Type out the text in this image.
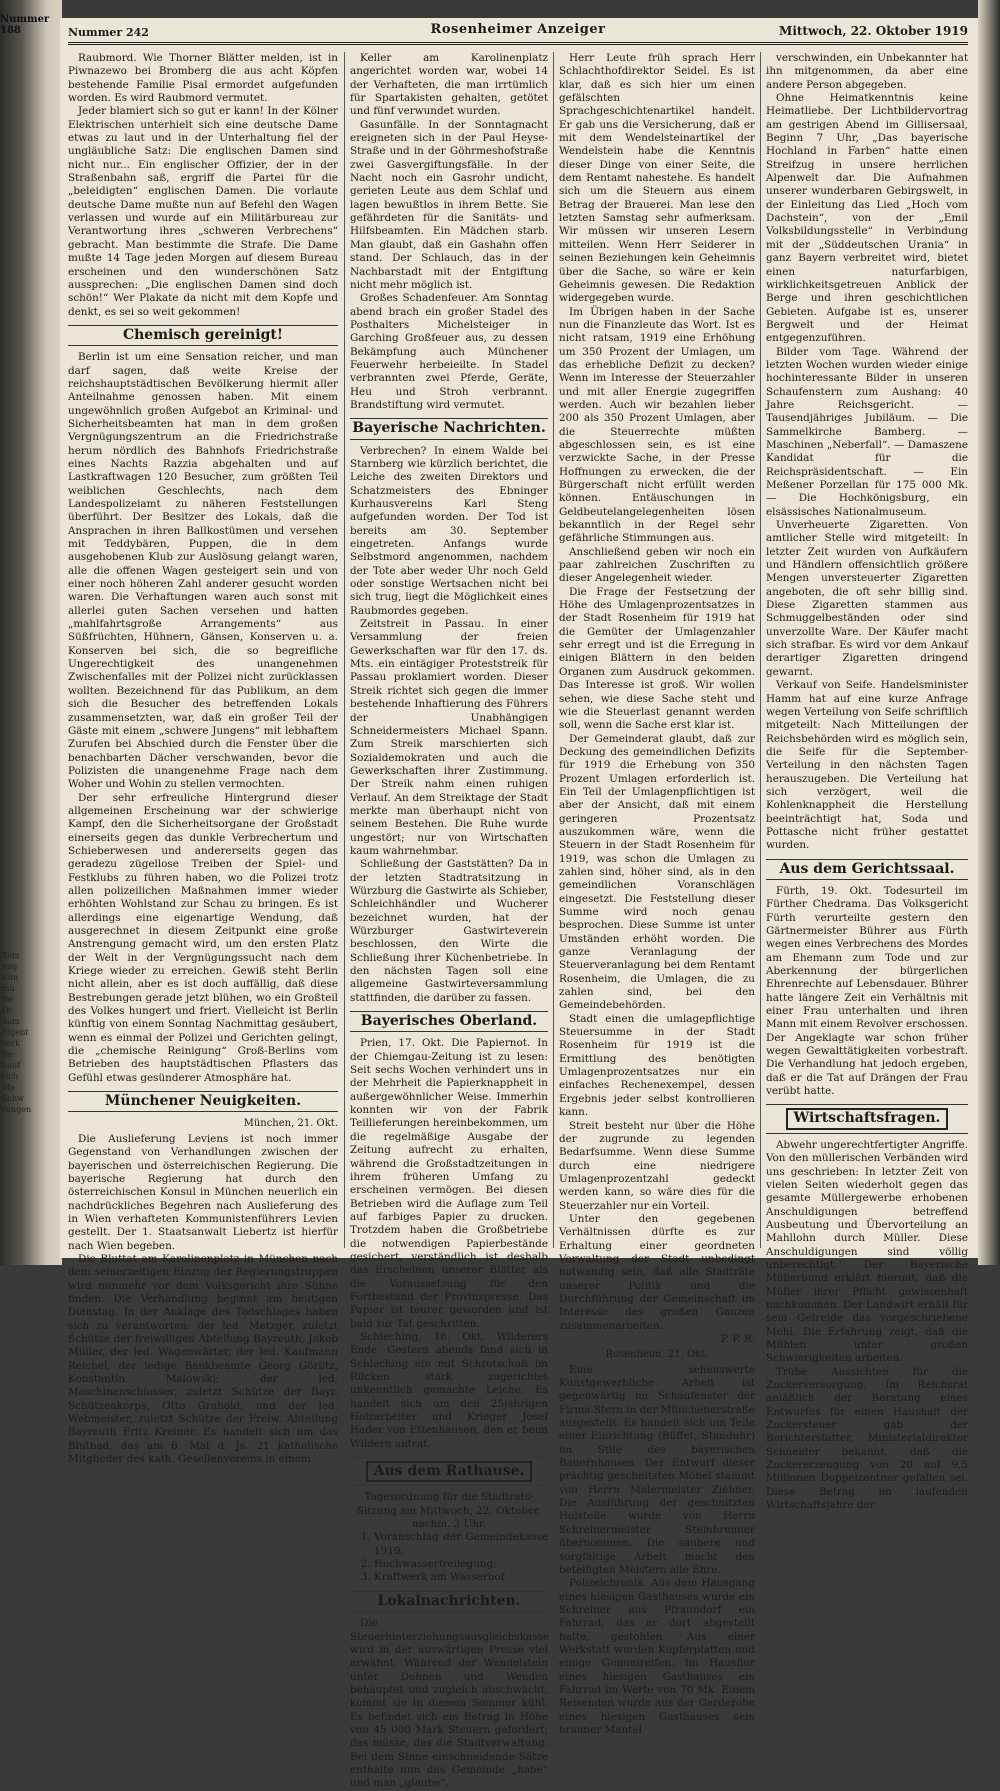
Nummer 188
Sam
mig
Kün
mü
Be
Dr
Sam
Eigent
verk
Re
Lauf
rich
Ma
Schw
rungen
Nummer 242	Rosenheimer Anzeiger	Mittwoch, 22. Oktober 1919

Raubmord. Wie Thorner Blätter melden, ist in Piwnazewo bei Bromberg die aus acht Köpfen bestehende Familie Pisal ermordet aufgefunden worden. Es wird Raubmord vermutet.

Jeder blamiert sich so gut er kann! In der Kölner Elektrischen unterhielt sich eine deutsche Dame etwas zu laut und in der Unterhaltung fiel der ungläubliche Satz: Die englischen Damen sind nicht nur... Ein englischer Offizier, der in der Straßenbahn saß, ergriff die Partei für die „beleidigten“ englischen Damen. Die vorlaute deutsche Dame mußte nun auf Befehl den Wagen verlassen und wurde auf ein Militärbureau zur Verantwortung ihres „schweren Verbrechens“ gebracht. Man bestimmte die Strafe. Die Dame mußte 14 Tage jeden Morgen auf diesem Bureau erscheinen und den wunderschönen Satz aussprechen: „Die englischen Damen sind doch schön!“ Wer Plakate da nicht mit dem Kopfe und denkt, es sei so weit gekommen!

Chemisch gereinigt!

Berlin ist um eine Sensation reicher, und man darf sagen, daß weite Kreise der reichshauptstädtischen Bevölkerung hiermit aller Anteilnahme genossen haben. Mit einem ungewöhnlich großen Aufgebot an Kriminal- und Sicherheitsbeamten hat man in dem großen Vergnügungszentrum an die Friedrichstraße herum nördlich des Bahnhofs Friedrichstraße eines Nachts Razzia abgehalten und auf Lastkraftwagen 120 Besucher, zum größten Teil weiblichen Geschlechts, nach dem Landespolizeiamt zu näheren Feststellungen überführt. Der Besitzer des Lokals, daß die Ansprachen in ihren Ballkostümen und versehen mit Teddybären, Puppen, die in dem ausgehobenen Klub zur Auslösung gelangt waren, alle die offenen Wagen gesteigert sein und von einer noch höheren Zahl anderer gesucht worden waren. Die Verhaftungen waren auch sonst mit allerlei guten Sachen versehen und hatten „mahlfahrtsgroße Arrangements“ aus Süßfrüchten, Hühnern, Gänsen, Konserven u. a. Konserven bei sich, die so begreifliche Ungerechtigkeit des unangenehmen Zwischenfalles mit der Polizei nicht zurücklassen wollten. Bezeichnend für das Publikum, an dem sich die Besucher des betreffenden Lokals zusammensetzten, war, daß ein großer Teil der Gäste mit einem „schwere Jungens“ mit lebhaftem Zurufen bei Abschied durch die Fenster über die benachbarten Dächer verschwanden, bevor die Polizisten die unangenehme Frage nach dem Woher und Wohin zu stellen vermochten.

Der sehr erfreuliche Hintergrund dieser allgemeinen Erscheinung war der schwierige Kampf, den die Sicherheitsorgane der Großstadt einerseits gegen das dunkle Verbrechertum und Schieberwesen und andererseits gegen das geradezu zügellose Treiben der Spiel- und Festklubs zu führen haben, wo die Polizei trotz allen polizeilichen Maßnahmen immer wieder erhöhten Wohlstand zur Schau zu bringen. Es ist allerdings eine eigenartige Wendung, daß ausgerechnet in diesem Zeitpunkt eine große Anstrengung gemacht wird, um den ersten Platz der Welt in der Vergnügungssucht nach dem Kriege wieder zu erreichen. Gewiß steht Berlin nicht allein, aber es ist doch auffällig, daß diese Bestrebungen gerade jetzt blühen, wo ein Großteil des Volkes hungert und friert. Vielleicht ist Berlin künftig von einem Sonntag Nachmittag gesäubert, wenn es einmal der Polizei und Gerichten gelingt, die „chemische Reinigung“ Groß-Berlins vom Betrieben des hauptstädtischen Pflasters das Gefühl etwas gesünderer Atmosphäre hat.

Münchener Neuigkeiten.
München, 21. Okt.

Die Auslieferung Leviens ist noch immer Gegenstand von Verhandlungen zwischen der bayerischen und österreichischen Regierung. Die bayerische Regierung hat durch den österreichischen Konsul in München neuerlich ein nachdrückliches Begehren nach Auslieferung des in Wien verhafteten Kommunistenführers Levien gestellt. Der 1. Staatsanwalt Liebertz ist hierfür nach Wien begeben.

Die Bluttat am Karolinenplatz in München nach dem seinerzeitigen Einzug der Regierungstruppen wird nunmehr vor dem Volksgericht ihre Sühne finden. Die Verhandlung beginnt am heutigen Dienstag. In der Anklage des Todschlages haben sich zu verantworten: der led. Metzger, zuletzt Schütze der freiwilligen Abteilung Bayreuth, Jakob Müller, der led. Wagenwärter, der led. Kaufmann Reichel, der ledige Bankbeamte Georg Görlitz, Konstantin Malowski; der led. Maschinenschlosser, zuletzt Schütze der Bayr. Schützenkorps, Otto Grahold, und der led. Webmeister, zuletzt Schütze der Freiw. Abteilung Bayreuth Fritz Kreiner. Es handelt sich um das Blutbad, das am 6. Mai d. Js. 21 katholische Mitglieder des kath. Gesellenvereins in einem

Keller am Karolinenplatz angerichtet worden war, wobei 14 der Verhafteten, die man irrtümlich für Spartakisten gehalten, getötet und fünf verwundet wurden.

Gasunfälle. In der Sonntagnacht ereigneten sich in der Paul Heyse-Straße und in der Göhrmeshofstraße zwei Gasvergiftungsfälle. In der Nacht noch ein Gasrohr undicht, gerieten Leute aus dem Schlaf und lagen bewußtlos in ihrem Bette. Sie gefährdeten für die Sanitäts- und Hilfsbeamten. Ein Mädchen starb. Man glaubt, daß ein Gashahn offen stand. Der Schlauch, das in der Nachbarstadt mit der Entgiftung nicht mehr möglich ist.

Großes Schadenfeuer. Am Sonntag abend brach ein großer Stadel des Posthalters Michelsteiger in Garching Großfeuer aus, zu dessen Bekämpfung auch Münchener Feuerwehr herbeieilte. In Stadel verbrannten zwei Pferde, Geräte, Heu und Stroh verbrannt. Brandstiftung wird vermutet.

Bayerische Nachrichten.

Verbrechen? In einem Walde bei Starnberg wie kürzlich berichtet, die Leiche des zweiten Direktors und Schatzmeisters des Ebninger Kurhausvereins Karl Steng aufgefunden worden. Der Tod ist bereits am 30. September eingetreten. Anfangs wurde Selbstmord angenommen, nachdem der Tote aber weder Uhr noch Geld oder sonstige Wertsachen nicht bei sich trug, liegt die Möglichkeit eines Raubmordes gegeben.

Zeitstreit in Passau. In einer Versammlung der freien Gewerkschaften war für den 17. ds. Mts. ein eintägiger Proteststreik für Passau proklamiert worden. Dieser Streik richtet sich gegen die immer bestehende Inhaftierung des Führers der Unabhängigen Schneidermeisters Michael Spann. Zum Streik marschierten sich Sozialdemokraten und auch die Gewerkschaften ihrer Zustimmung. Der Streik nahm einen ruhigen Verlauf. An dem Streiktage der Stadt merkte man überhaupt nicht von seinem Bestehen. Die Ruhe wurde ungestört; nur von Wirtschaften kaum wahrnehmbar.

Schließung der Gaststätten? Da in der letzten Stadtratsitzung in Würzburg die Gastwirte als Schieber, Schleichhändler und Wucherer bezeichnet wurden, hat der Würzburger Gastwirteverein beschlossen, den Wirte die Schließung ihrer Küchenbetriebe. In den nächsten Tagen soll eine allgemeine Gastwirteversammlung stattfinden, die darüber zu fassen.

Bayerisches Oberland.

Prien, 17. Okt. Die Papiernot. In der Chiemgau-Zeitung ist zu lesen: Seit sechs Wochen verhindert uns in der Mehrheit die Papierknappheit in außergewöhnlicher Weise. Immerhin konnten wir von der Fabrik Teillieferungen hereinbekommen, um die regelmäßige Ausgabe der Zeitung aufrecht zu erhalten, während die Großstadtzeitungen in ihrem früheren Umfang zu erscheinen vermögen. Bei diesen Betrieben wird die Auflage zum Teil auf farbiges Papier zu drucken. Trotzdem haben die Großbetriebe die notwendigen Papierbestände gesichert, verständlich ist deshalb das Erscheinen unserer Blätter als die Voraussetzung für den Fortbestand der Provinzpresse. Das Papier ist teurer geworden und ist bald zur Tat geschritten.

Schleching, 18. Okt. Wilderers Ende. Gestern abends fand sich in Schleching ein mit Schrotschuß im Rücken stark zugerichtet unkenntlich gemachte Leiche. Es handelt sich um den 25jährigen Holzarbeiter und Krieger Josef Hader von Ettenhausen, den er beim Wildern antraf.

Aus dem Rathause.

Tagesordnung für die Stadtrats-Sitzung am Mittwoch, 22. Oktober, nachm. 3 Uhr.

1. Voranschlag der Gemeindekasse 1919;
2. Hochwasserfreilegung;
3. Kraftwerk am Wasserhof.
Lokalnachrichten.

Die Steuerhinterziehungsausgleichskasse wird in der auswärtigen Presse viel erwähnt. Während der Wendelstein unter Dehnen und Wenden behauptet und zugleich abschwächt, kommt sie in diesem Sommer kühl. Es befindet sich ein Betrag in Höhe von 45 000 Mark Steuern gefordert; das müsse, das die Stadtverwaltung. Bei dem Sinne einschneidende Sätze enthalte nun das Gemeinde „habe“ und man „glaube“.

Herr Leute früh sprach Herr Schlachthofdirektor Seidel. Es ist klar, daß es sich hier um einen gefälschten Sprachgeschichtenartikel handelt. Er gab uns die Versicherung, daß er mit dem Wendelsteinartikel der Wendelstein habe die Kenntnis dieser Dinge von einer Seite, die dem Rentamt nahestehe. Es handelt sich um die Steuern aus einem Betrag der Brauerei. Man lese den letzten Samstag sehr aufmerksam. Wir müssen wir unseren Lesern mitteilen. Wenn Herr Seiderer in seinen Beziehungen kein Geheimnis über die Sache, so wäre er kein Geheimnis gewesen. Die Redaktion widergegeben wurde.

Im Übrigen haben in der Sache nun die Finanzleute das Wort. Ist es nicht ratsam, 1919 eine Erhöhung um 350 Prozent der Umlagen, um das erhebliche Defizit zu decken? Wenn im Interesse der Steuerzahler und mit aller Energie zugegriffen werden. Auch wir bezahlen lieber 200 als 350 Prozent Umlagen, aber die Steuerrechte müßten abgeschlossen sein, es ist eine verzwickte Sache, in der Presse Hoffnungen zu erwecken, die der Bürgerschaft nicht erfüllt werden können. Entäuschungen in Geldbeutelangelegenheiten lösen bekanntlich in der Regel sehr gefährliche Stimmungen aus.

Anschließend geben wir noch ein paar zahlreichen Zuschriften zu dieser Angelegenheit wieder.

Die Frage der Festsetzung der Höhe des Umlagenprozentsatzes in der Stadt Rosenheim für 1919 hat die Gemüter der Umlagenzahler sehr erregt und ist die Erregung in einigen Blättern in den beiden Organen zum Ausdruck gekommen. Das Interesse ist groß. Wir wollen sehen, wie diese Sache steht und wie die Steuerlast genannt werden soll, wenn die Sache erst klar ist.

Der Gemeinderat glaubt, daß zur Deckung des gemeindlichen Defizits für 1919 die Erhebung von 350 Prozent Umlagen erforderlich ist. Ein Teil der Umlagenpflichtigen ist aber der Ansicht, daß mit einem geringeren Prozentsatz auszukommen wäre, wenn die Steuern in der Stadt Rosenheim für 1919, was schon die Umlagen zu zahlen sind, höher sind, als in den gemeindlichen Voranschlägen eingesetzt. Die Feststellung dieser Summe wird noch genau besprochen. Diese Summe ist unter Umständen erhöht worden. Die ganze Veranlagung der Steuerveranlagung bei dem Rentamt Rosenheim, die Umlagen, die zu zahlen sind, bei den Gemeindebehörden.

Stadt einen die umlagepflichtige Steuersumme in der Stadt Rosenheim für 1919 ist die Ermittlung des benötigten Umlagenprozentsatzes nur ein einfaches Rechenexempel, dessen Ergebnis jeder selbst kontrollieren kann.

Streit besteht nur über die Höhe der zugrunde zu legenden Bedarfsumme. Wenn diese Summe durch eine niedrigere Umlagenprozentzahl gedeckt werden kann, so wäre dies für die Steuerzahler nur ein Vorteil.

Unter den gegebenen Verhältnissen dürfte es zur Erhaltung einer geordneten Verwaltung der Stadt unbedingt notwendig sein, daß alle Stadträte unserer Politik und die Durchführung der Gemeinschaft im Interesse des großen Ganzen zusammenarbeiten.

P. P. R.

Rosenheim, 21. Okt.

Eine sehenswerte Kunstgewerbliche Arbeit ist gegenwärtig im Schaufenster der Firma Stern in der Münchenerstraße ausgestellt. Es handelt sich um Teile einer Einrichtung (Büffet, Standuhr) im Stile des bayerischen Bauernhauses. Der Entwurf dieser prächtig geschnitzten Möbel stammt von Herrn Malermeister Ziehner. Die Ausführung der geschnitzten Holzteile wurde von Herrn Schreinermeister Steinbrenner übernommen. Die saubere und sorgfältige Arbeit macht den beteiligten Meistern alle Ehre.

Polizeichronik. Aus dem Hausgang eines hiesigen Gasthauses wurde ein Schreiner aus Pfraundorf ein Fahrrad, das er dort abgestellt hatte, gestohlen. Aus einer Werkstatt wurden Kupferplatten und einige Gummireifen. Im Hausflur eines hiesigen Gasthauses ein Fahrrad im Werte von 70 Mk. Einem Reisenden wurde aus der Garderobe eines hiesigen Gasthauses sein brauner Mantel

verschwinden, ein Unbekannter hat ihn mitgenommen, da aber eine andere Person abgegeben.

Ohne Heimatkenntnis keine Heimatliebe. Der Lichtbildervortrag am gestrigen Abend im Gillisersaal, Beginn 7 Uhr, „Das bayerische Hochland in Farben“ hatte einen Streifzug in unsere herrlichen Alpenwelt dar. Die Aufnahmen unserer wunderbaren Gebirgswelt, in der Einleitung das Lied „Hoch vom Dachstein“, von der „Emil Volksbildungsstelle“ in Verbindung mit der „Süddeutschen Urania“ in ganz Bayern verbreitet wird, bietet einen naturfarbigen, wirklichkeitsgetreuen Anblick der Berge und ihren geschichtlichen Gebieten. Aufgabe ist es, unserer Bergwelt und der Heimat entgegenzuführen.

Bilder vom Tage. Während der letzten Wochen wurden wieder einige hochinteressante Bilder in unseren Schaufenstern zum Aushang: 40 Jahre Reichsgericht. — Tausendjähriges Jubiläum. — Die Sammelkirche Bamberg. — Maschinen „Neberfall“. — Damaszene Kandidat für die Reichspräsidentschaft. — Ein Meßener Porzellan für 175 000 Mk. — Die Hochkönigsburg, ein elsässisches Nationalmuseum.

Unverheuerte Zigaretten. Von amtlicher Stelle wird mitgeteilt: In letzter Zeit wurden von Aufkäufern und Händlern offensichtlich größere Mengen unversteuerter Zigaretten angeboten, die oft sehr billig sind. Diese Zigaretten stammen aus Schmuggelbeständen oder sind unverzollte Ware. Der Käufer macht sich strafbar. Es wird vor dem Ankauf derartiger Zigaretten dringend gewarnt.

Verkauf von Seife. Handelsminister Hamm hat auf eine kurze Anfrage wegen Verteilung von Seife schriftlich mitgeteilt: Nach Mitteilungen der Reichsbehörden wird es möglich sein, die Seife für die September-Verteilung in den nächsten Tagen herauszugeben. Die Verteilung hat sich verzögert, weil die Kohlenknappheit die Herstellung beeinträchtigt hat, Soda und Pottasche nicht früher gestattet wurden.

Aus dem Gerichtssaal.

Fürth, 19. Okt. Todesurteil im Fürther Chedrama. Das Volksgericht Fürth verurteilte gestern den Gärtnermeister Bührer aus Fürth wegen eines Verbrechens des Mordes am Ehemann zum Tode und zur Aberkennung der bürgerlichen Ehrenrechte auf Lebensdauer. Bührer hatte längere Zeit ein Verhältnis mit einer Frau unterhalten und ihren Mann mit einem Revolver erschossen. Der Angeklagte war schon früher wegen Gewalttätigkeiten vorbestraft. Die Verhandlung hat jedoch ergeben, daß er die Tat auf Drängen der Frau verübt hatte.

Wirtschaftsfragen.

Abwehr ungerechtfertigter Angriffe. Von den müllerischen Verbänden wird uns geschrieben: In letzter Zeit von vielen Seiten wiederholt gegen das gesamte Müllergewerbe erhobenen Anschuldigungen betreffend Ausbeutung und Übervorteilung an Mahllohn durch Müller. Diese Anschuldigungen sind völlig unberechtigt. Der Bayerische Müllerbund erklärt hiermit, daß die Müller ihrer Pflicht gewissenhaft nachkommen. Der Landwirt erhält für sein Getreide das vorgeschriebene Mehl. Die Erfahrung zeigt, daß die Mühlen unter großen Schwierigkeiten arbeiten.

Trübe Aussichten für die Zuckerversorgung. Im Reichsrat anläßlich der Beratung eines Entwurfes für einen Haushalt der Zuckersteuer gab der Berichterstatter, Ministerialdirektor Schneider bekannt, daß die Zuckererzeugung von 20 auf 9,5 Millionen Doppelzentner gefallen sei. Diese Betrag im laufenden Wirtschaftsjahre der
